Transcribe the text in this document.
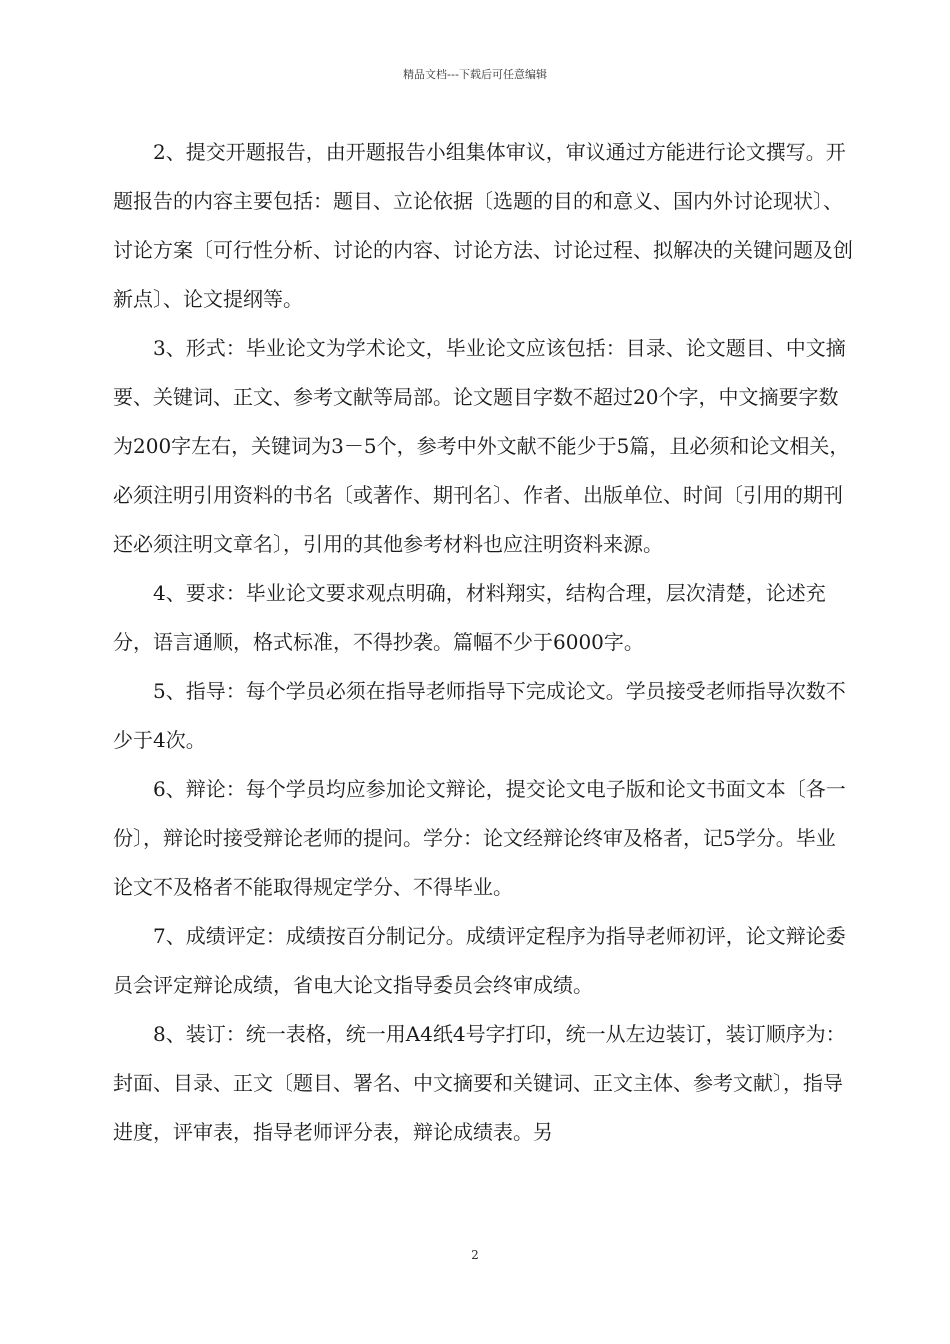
精品文档---下载后可任意编辑

2、提交开题报告，由开题报告小组集体审议，审议通过方能进行论文撰写。开题报告的内容主要包括：题目、立论依据〔选题的目的和意义、国内外讨论现状〕、讨论方案〔可行性分析、讨论的内容、讨论方法、讨论过程、拟解决的关键问题及创新点〕、论文提纲等。

3、形式：毕业论文为学术论文，毕业论文应该包括：目录、论文题目、中文摘要、关键词、正文、参考文献等局部。论文题目字数不超过20个字，中文摘要字数为200字左右，关键词为3－5个，参考中外文献不能少于5篇，且必须和论文相关，必须注明引用资料的书名〔或著作、期刊名〕、作者、出版单位、时间〔引用的期刊还必须注明文章名〕，引用的其他参考材料也应注明资料来源。

4、要求：毕业论文要求观点明确，材料翔实，结构合理，层次清楚，论述充分，语言通顺，格式标准，不得抄袭。篇幅不少于6000字。

5、指导：每个学员必须在指导老师指导下完成论文。学员接受老师指导次数不少于4次。

6、辩论：每个学员均应参加论文辩论，提交论文电子版和论文书面文本〔各一份〕，辩论时接受辩论老师的提问。学分：论文经辩论终审及格者，记5学分。毕业论文不及格者不能取得规定学分、不得毕业。

7、成绩评定：成绩按百分制记分。成绩评定程序为指导老师初评，论文辩论委员会评定辩论成绩，省电大论文指导委员会终审成绩。

8、装订：统一表格，统一用A4纸4号字打印，统一从左边装订，装订顺序为：封面、目录、正文〔题目、署名、中文摘要和关键词、正文主体、参考文献〕，指导进度，评审表，指导老师评分表，辩论成绩表。另

2
